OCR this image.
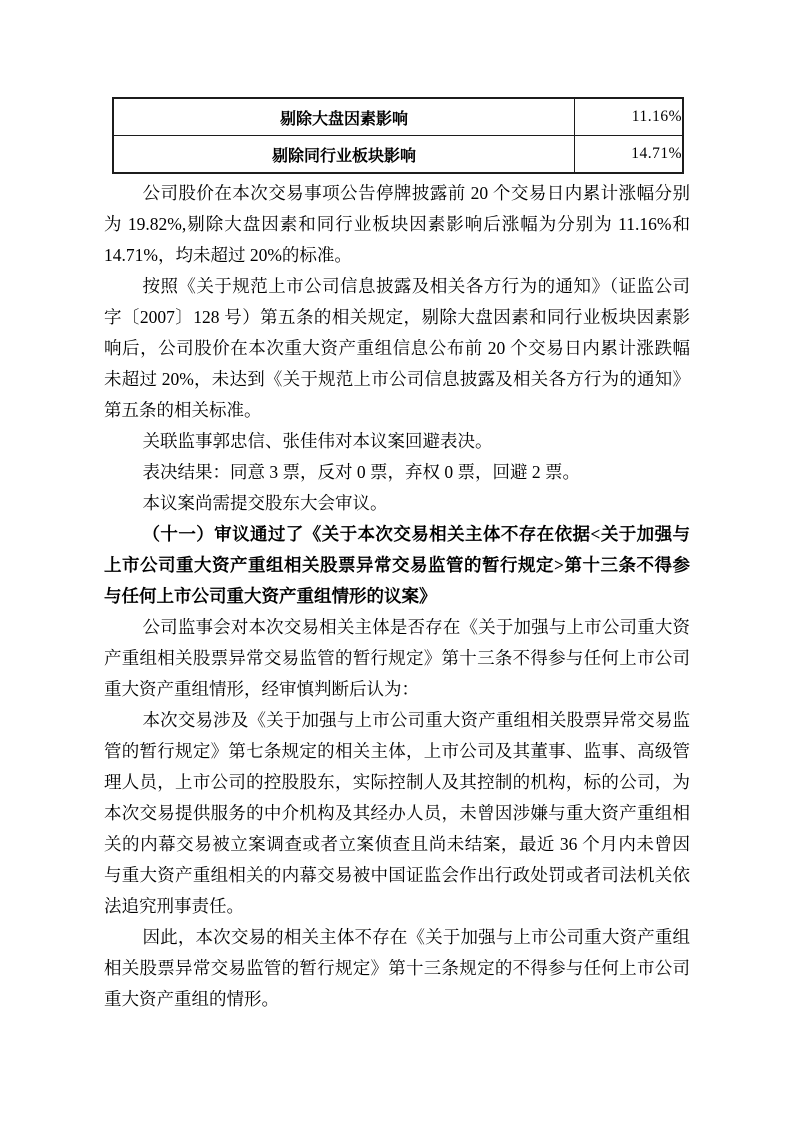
剔除大盘因素影响	11.16%
剔除同行业板块影响	14.71%

公司股价在本次交易事项公告停牌披露前 20 个交易日内累计涨幅分别为 19.82%,剔除大盘因素和同行业板块因素影响后涨幅为分别为 11.16%和 14.71%，均未超过 20%的标准。

按照《关于规范上市公司信息披露及相关各方行为的通知》（证监公司字〔2007〕128 号）第五条的相关规定，剔除大盘因素和同行业板块因素影响后，公司股价在本次重大资产重组信息公布前 20 个交易日内累计涨跌幅未超过 20%，未达到《关于规范上市公司信息披露及相关各方行为的通知》第五条的相关标准。

关联监事郭忠信、张佳伟对本议案回避表决。

表决结果：同意 3 票，反对 0 票，弃权 0 票，回避 2 票。

本议案尚需提交股东大会审议。

（十一）审议通过了《关于本次交易相关主体不存在依据<关于加强与上市公司重大资产重组相关股票异常交易监管的暂行规定>第十三条不得参与任何上市公司重大资产重组情形的议案》

公司监事会对本次交易相关主体是否存在《关于加强与上市公司重大资产重组相关股票异常交易监管的暂行规定》第十三条不得参与任何上市公司重大资产重组情形，经审慎判断后认为：

本次交易涉及《关于加强与上市公司重大资产重组相关股票异常交易监管的暂行规定》第七条规定的相关主体，上市公司及其董事、监事、高级管理人员，上市公司的控股股东，实际控制人及其控制的机构，标的公司，为本次交易提供服务的中介机构及其经办人员，未曾因涉嫌与重大资产重组相关的内幕交易被立案调查或者立案侦查且尚未结案，最近 36 个月内未曾因与重大资产重组相关的内幕交易被中国证监会作出行政处罚或者司法机关依法追究刑事责任。

因此，本次交易的相关主体不存在《关于加强与上市公司重大资产重组相关股票异常交易监管的暂行规定》第十三条规定的不得参与任何上市公司重大资产重组的情形。
